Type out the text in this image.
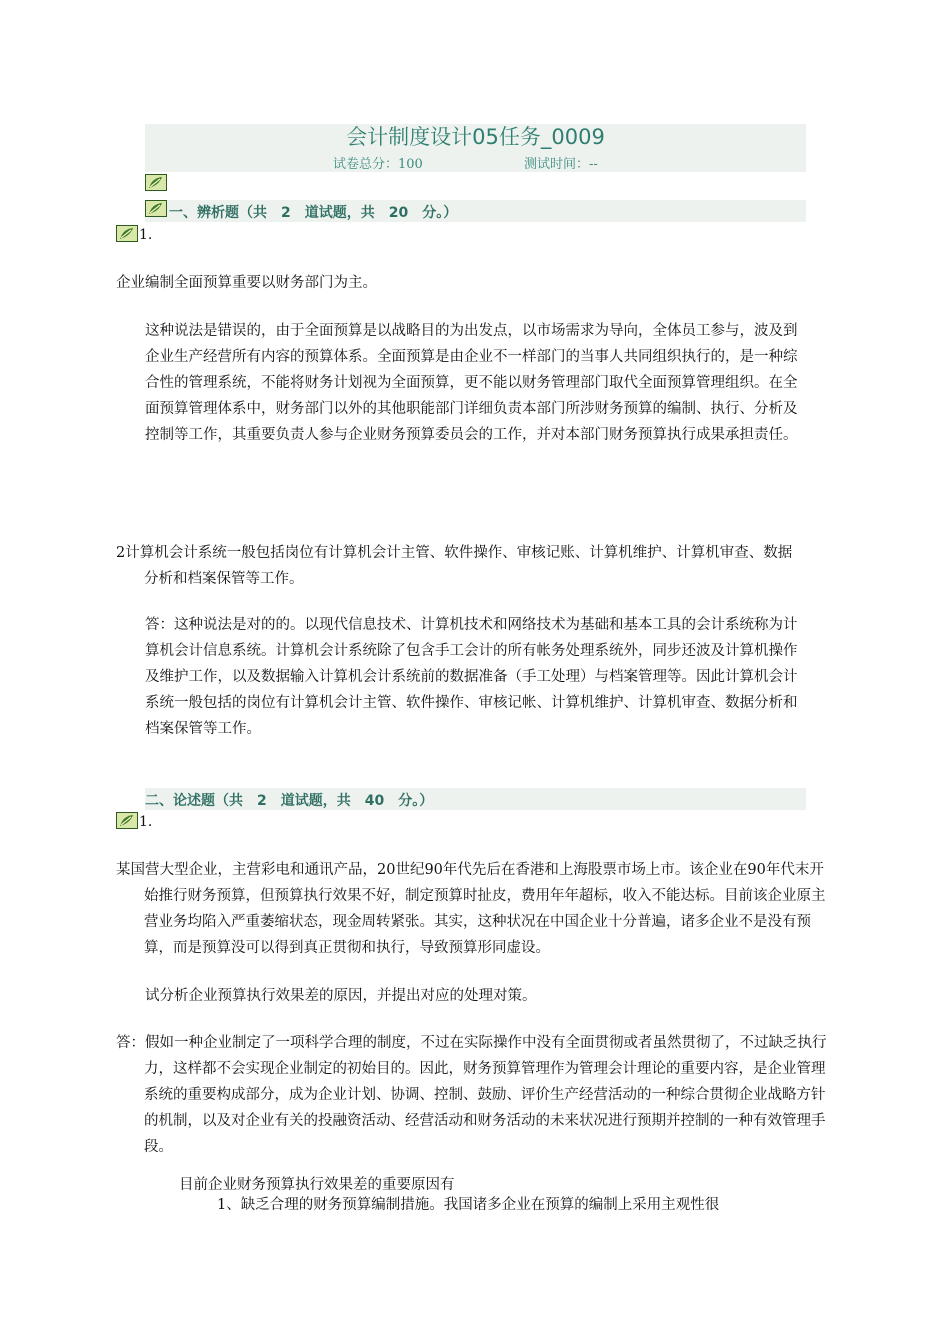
会计制度设计05任务_0009
试卷总分：100	测试时间：--
一、辨析题（共　2　道试题，共　20　分。）
1.
企业编制全面预算重要以财务部门为主。
这种说法是错误的，由于全面预算是以战略目的为出发点，以市场需求为导向，全体员工参与，波及到企业生产经营所有内容的预算体系。全面预算是由企业不一样部门的当事人共同组织执行的，是一种综合性的管理系统，不能将财务计划视为全面预算，更不能以财务管理部门取代全面预算管理组织。在全面预算管理体系中，财务部门以外的其他职能部门详细负责本部门所涉财务预算的编制、执行、分析及控制等工作，其重要负责人参与企业财务预算委员会的工作，并对本部门财务预算执行成果承担责任。
2计算机会计系统一般包括岗位有计算机会计主管、软件操作、审核记账、计算机维护、计算机审查、数据分析和档案保管等工作。
答：这种说法是对的的。以现代信息技术、计算机技术和网络技术为基础和基本工具的会计系统称为计算机会计信息系统。计算机会计系统除了包含手工会计的所有帐务处理系统外，同步还波及计算机操作及维护工作，以及数据输入计算机会计系统前的数据准备（手工处理）与档案管理等。因此计算机会计系统一般包括的岗位有计算机会计主管、软件操作、审核记帐、计算机维护、计算机审查、数据分析和档案保管等工作。
二、论述题（共　2　道试题，共　40　分。）
1.
某国营大型企业，主营彩电和通讯产品，20世纪90年代先后在香港和上海股票市场上市。该企业在90年代末开始推行财务预算，但预算执行效果不好，制定预算时扯皮，费用年年超标，收入不能达标。目前该企业原主营业务均陷入严重萎缩状态，现金周转紧张。其实，这种状况在中国企业十分普遍，诸多企业不是没有预算，而是预算没可以得到真正贯彻和执行，导致预算形同虚设。
试分析企业预算执行效果差的原因，并提出对应的处理对策。
答：假如一种企业制定了一项科学合理的制度，不过在实际操作中没有全面贯彻或者虽然贯彻了，不过缺乏执行力，这样都不会实现企业制定的初始目的。因此，财务预算管理作为管理会计理论的重要内容，是企业管理系统的重要构成部分，成为企业计划、协调、控制、鼓励、评价生产经营活动的一种综合贯彻企业战略方针的机制，以及对企业有关的投融资活动、经营活动和财务活动的未来状况进行预期并控制的一种有效管理手段。
目前企业财务预算执行效果差的重要原因有
1、缺乏合理的财务预算编制措施。我国诸多企业在预算的编制上采用主观性很
